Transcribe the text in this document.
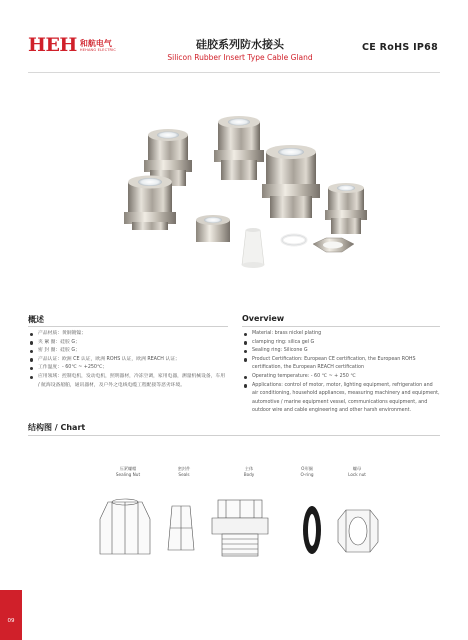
HEH 和航电气
HEHANG ELECTRIC	硅胶系列防水接头
Silicon Rubber Insert Type Cable Gland
CE RoHS IP68
概述
产品材质：黄铜镀镍；
夹 紧 圈：硅胶 G；
密 封 圈：硅胶 G；
产品认证：欧洲 CE 认证，欧洲 ROHS 认证，欧洲 REACH 认证；
工作温度：- 60℃ ~ +250℃；
应用领域：控制电机，发动电机，照明器材，冷冻空调，家用电器，测量机械设备，车用 / 航海设备船舶，通讯器材，及户外之电线电缆工程配接等恶劣环境。
Overview
Material: brass nickel plating
clamping ring: silica gel G
Sealing ring: Silicone G
Product Certification: European CE certification, the European ROHS certification, the European REACH certification
Operating temperature: - 60 ℃ ~ + 250 ℃
Applications: control of motor, motor, lighting equipment, refrigeration and air conditioning, household appliances, measuring machinery and equipment, automotive / marine equipment vessel, communications equipment, and outdoor wire and cable engineering and other harsh environment.
结构图 / Chart
压紧螺帽
Sealing Nut
密封件
Seals
主体
Body
O形圈
O-ring
螺母
Lock nut
09
